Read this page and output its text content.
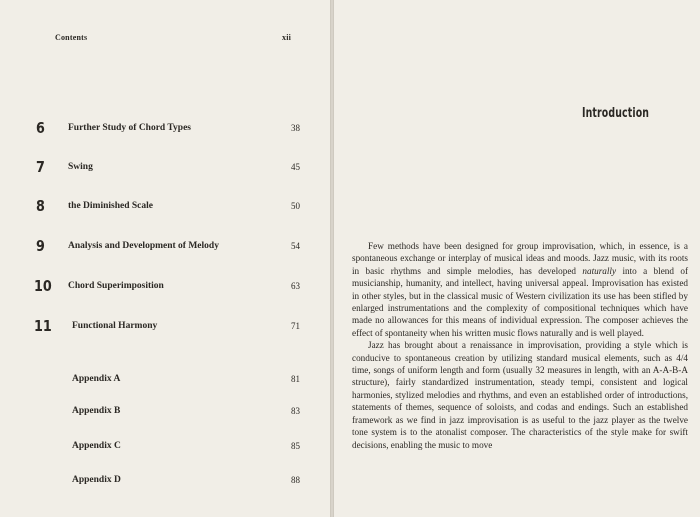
Contents	xii
6 Further Study of Chord Types	38
7 Swing	45
8 the Diminished Scale	50
9 Analysis and Development of Melody	54
10 Chord Superimposition	63
11 Functional Harmony	71
Appendix A	81
Appendix B	83
Appendix C	85
Appendix D	88
Introduction

Few methods have been designed for group improvisation, which, in essence, is a spontaneous exchange or interplay of musical ideas and moods. Jazz music, with its roots in basic rhythms and simple melodies, has developed naturally into a blend of musicianship, humanity, and intellect, having universal appeal. Improvisation has existed in other styles, but in the classical music of Western civilization its use has been stifled by enlarged instrumentations and the complexity of compositional techniques which have made no allowances for this means of individual expression. The composer achieves the effect of spontaneity when his written music flows naturally and is well played.

Jazz has brought about a renaissance in improvisation, providing a style which is conducive to spontaneous creation by utilizing standard musical elements, such as 4/4 time, songs of uniform length and form (usually 32 measures in length, with an A-A-B-A structure), fairly standardized instrumentation, steady tempi, consistent and logical harmonies, stylized melodies and rhythms, and even an established order of introductions, statements of themes, sequence of soloists, and codas and endings. Such an established framework as we find in jazz improvisation is as useful to the jazz player as the twelve tone system is to the atonalist composer. The characteristics of the style make for swift decisions, enabling the music to move
